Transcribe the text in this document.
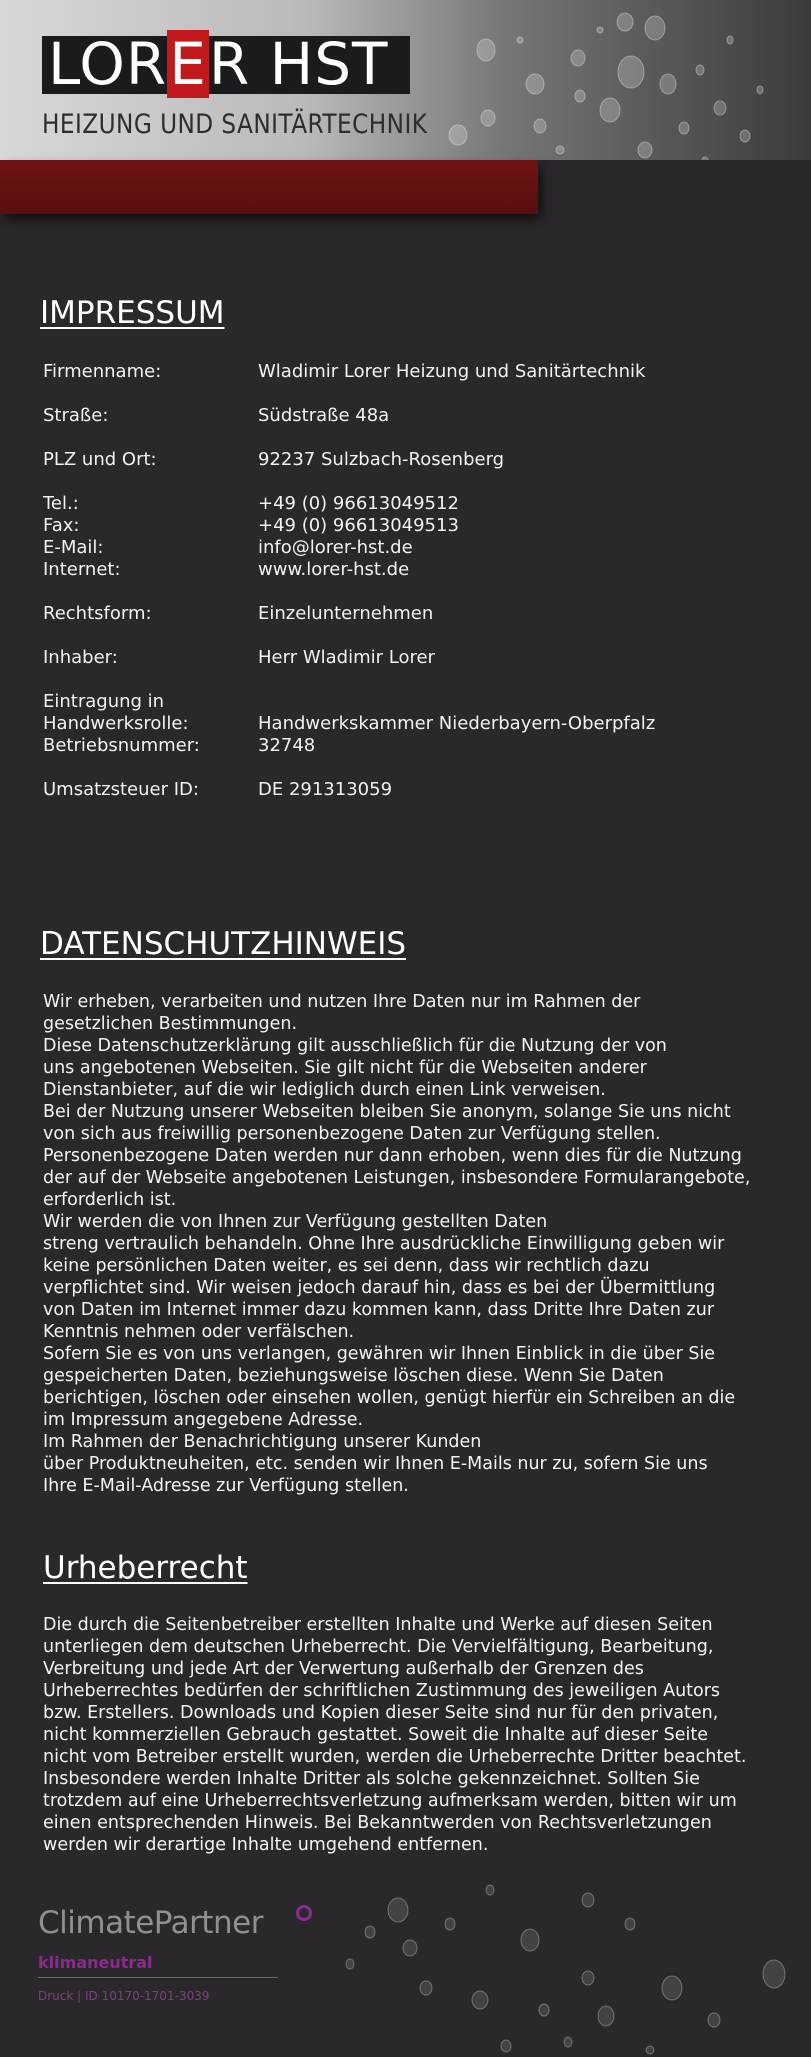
LORER HST
HEIZUNG UND SANITÄRTECHNIK
IMPRESSUM
Firmenname:	Wladimir Lorer Heizung und Sanitärtechnik
Straße:	Südstraße 48a
PLZ und Ort:	92237 Sulzbach-Rosenberg
Tel.:	+49 (0) 96613049512
Fax:	+49 (0) 96613049513
E-Mail:	info@lorer-hst.de
Internet:	www.lorer-hst.de
Rechtsform:	Einzelunternehmen
Inhaber:	Herr Wladimir Lorer
Eintragung in
Handwerksrolle:	Handwerkskammer Niederbayern-Oberpfalz
Betriebsnummer:	32748
Umsatzsteuer ID:	DE 291313059
DATENSCHUTZHINWEIS
Wir erheben, verarbeiten und nutzen Ihre Daten nur im Rahmen der
gesetzlichen Bestimmungen.
Diese Datenschutzerklärung gilt ausschließlich für die Nutzung der von
uns angebotenen Webseiten. Sie gilt nicht für die Webseiten anderer
Dienstanbieter, auf die wir lediglich durch einen Link verweisen.
Bei der Nutzung unserer Webseiten bleiben Sie anonym, solange Sie uns nicht
von sich aus freiwillig personenbezogene Daten zur Verfügung stellen.
Personenbezogene Daten werden nur dann erhoben, wenn dies für die Nutzung
der auf der Webseite angebotenen Leistungen, insbesondere Formularangebote,
erforderlich ist.
Wir werden die von Ihnen zur Verfügung gestellten Daten
streng vertraulich behandeln. Ohne Ihre ausdrückliche Einwilligung geben wir
keine persönlichen Daten weiter, es sei denn, dass wir rechtlich dazu
verpflichtet sind. Wir weisen jedoch darauf hin, dass es bei der Übermittlung
von Daten im Internet immer dazu kommen kann, dass Dritte Ihre Daten zur
Kenntnis nehmen oder verfälschen.
Sofern Sie es von uns verlangen, gewähren wir Ihnen Einblick in die über Sie
gespeicherten Daten, beziehungsweise löschen diese. Wenn Sie Daten
berichtigen, löschen oder einsehen wollen, genügt hierfür ein Schreiben an die
im Impressum angegebene Adresse.
Im Rahmen der Benachrichtigung unserer Kunden
über Produktneuheiten, etc. senden wir Ihnen E-Mails nur zu, sofern Sie uns
Ihre E-Mail-Adresse zur Verfügung stellen.
Urheberrecht
Die durch die Seitenbetreiber erstellten Inhalte und Werke auf diesen Seiten
unterliegen dem deutschen Urheberrecht. Die Vervielfältigung, Bearbeitung,
Verbreitung und jede Art der Verwertung außerhalb der Grenzen des
Urheberrechtes bedürfen der schriftlichen Zustimmung des jeweiligen Autors
bzw. Erstellers. Downloads und Kopien dieser Seite sind nur für den privaten,
nicht kommerziellen Gebrauch gestattet. Soweit die Inhalte auf dieser Seite
nicht vom Betreiber erstellt wurden, werden die Urheberrechte Dritter beachtet.
Insbesondere werden Inhalte Dritter als solche gekennzeichnet. Sollten Sie
trotzdem auf eine Urheberrechtsverletzung aufmerksam werden, bitten wir um
einen entsprechenden Hinweis. Bei Bekanntwerden von Rechtsverletzungen
werden wir derartige Inhalte umgehend entfernen.
ClimatePartner
klimaneutral
Druck | ID 10170-1701-3039
